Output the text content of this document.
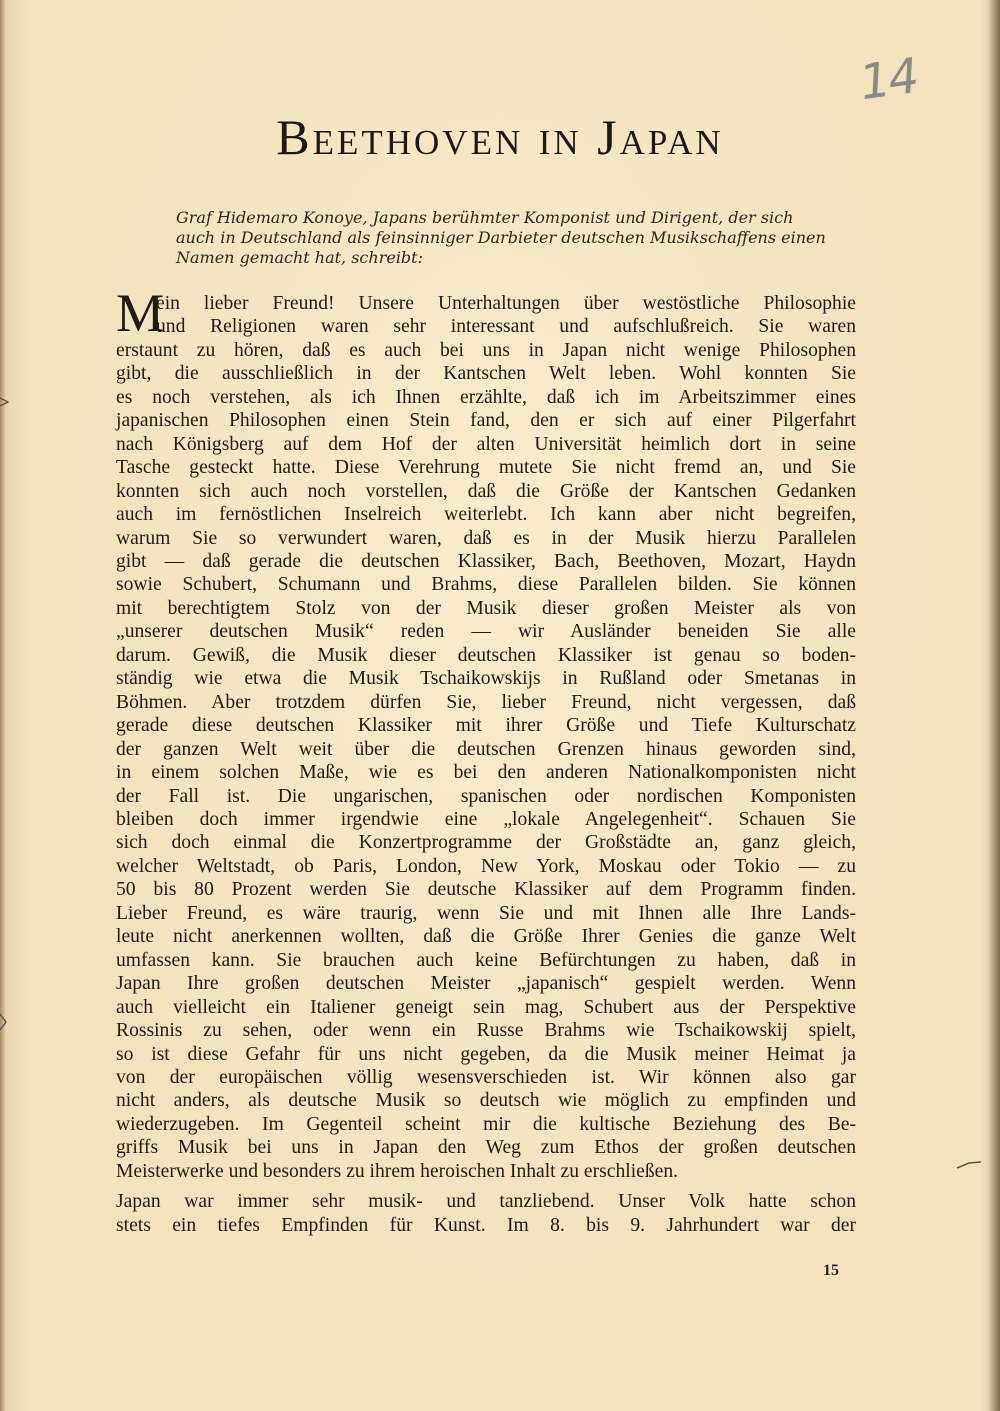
14
Beethoven in Japan
Graf Hidemaro Konoye, Japans berühmter Komponist und Dirigent, der sich
auch in Deutschland als feinsinniger Darbieter deutschen Musikschaffens einen
Namen gemacht hat, schreibt:
M
ein lieber Freund! Unsere Unterhaltungen über westöstliche Philosophie
und Religionen waren sehr interessant und aufschlußreich. Sie waren
erstaunt zu hören, daß es auch bei uns in Japan nicht wenige Philosophen
gibt, die ausschließlich in der Kantschen Welt leben. Wohl konnten Sie
es noch verstehen, als ich Ihnen erzählte, daß ich im Arbeitszimmer eines
japanischen Philosophen einen Stein fand, den er sich auf einer Pilgerfahrt
nach Königsberg auf dem Hof der alten Universität heimlich dort in seine
Tasche gesteckt hatte. Diese Verehrung mutete Sie nicht fremd an, und Sie
konnten sich auch noch vorstellen, daß die Größe der Kantschen Gedanken
auch im fernöstlichen Inselreich weiterlebt. Ich kann aber nicht begreifen,
warum Sie so verwundert waren, daß es in der Musik hierzu Parallelen
gibt — daß gerade die deutschen Klassiker, Bach, Beethoven, Mozart, Haydn
sowie Schubert, Schumann und Brahms, diese Parallelen bilden. Sie können
mit berechtigtem Stolz von der Musik dieser großen Meister als von
„unserer deutschen Musik“ reden — wir Ausländer beneiden Sie alle
darum. Gewiß, die Musik dieser deutschen Klassiker ist genau so boden-
ständig wie etwa die Musik Tschaikowskijs in Rußland oder Smetanas in
Böhmen. Aber trotzdem dürfen Sie, lieber Freund, nicht vergessen, daß
gerade diese deutschen Klassiker mit ihrer Größe und Tiefe Kulturschatz
der ganzen Welt weit über die deutschen Grenzen hinaus geworden sind,
in einem solchen Maße, wie es bei den anderen Nationalkomponisten nicht
der Fall ist. Die ungarischen, spanischen oder nordischen Komponisten
bleiben doch immer irgendwie eine „lokale Angelegenheit“. Schauen Sie
sich doch einmal die Konzertprogramme der Großstädte an, ganz gleich,
welcher Weltstadt, ob Paris, London, New York, Moskau oder Tokio — zu
50 bis 80 Prozent werden Sie deutsche Klassiker auf dem Programm finden.
Lieber Freund, es wäre traurig, wenn Sie und mit Ihnen alle Ihre Lands-
leute nicht anerkennen wollten, daß die Größe Ihrer Genies die ganze Welt
umfassen kann. Sie brauchen auch keine Befürchtungen zu haben, daß in
Japan Ihre großen deutschen Meister „japanisch“ gespielt werden. Wenn
auch vielleicht ein Italiener geneigt sein mag, Schubert aus der Perspektive
Rossinis zu sehen, oder wenn ein Russe Brahms wie Tschaikowskij spielt,
so ist diese Gefahr für uns nicht gegeben, da die Musik meiner Heimat ja
von der europäischen völlig wesensverschieden ist. Wir können also gar
nicht anders, als deutsche Musik so deutsch wie möglich zu empfinden und
wiederzugeben. Im Gegenteil scheint mir die kultische Beziehung des Be-
griffs Musik bei uns in Japan den Weg zum Ethos der großen deutschen
Meisterwerke und besonders zu ihrem heroischen Inhalt zu erschließen.
Japan war immer sehr musik- und tanzliebend. Unser Volk hatte schon
stets ein tiefes Empfinden für Kunst. Im 8. bis 9. Jahrhundert war der
15
